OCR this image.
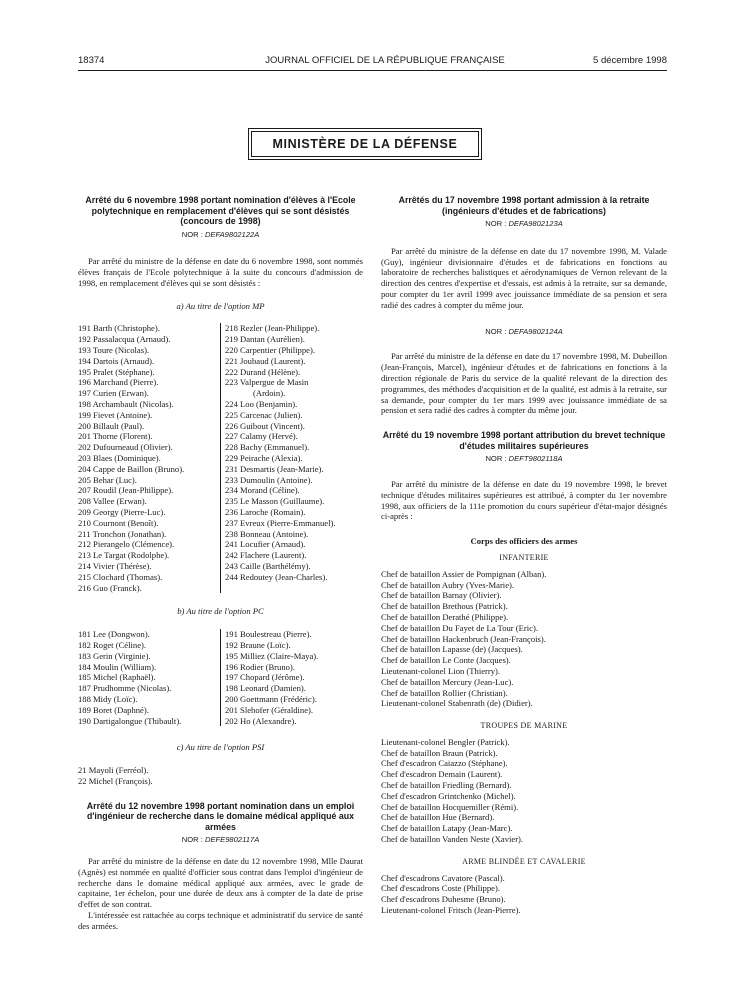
18374	JOURNAL OFFICIEL DE LA RÉPUBLIQUE FRANÇAISE	5 décembre 1998
MINISTÈRE DE LA DÉFENSE
Arrêté du 6 novembre 1998 portant nomination d'élèves à l'Ecole polytechnique en remplacement d'élèves qui se sont désistés (concours de 1998)
NOR : DEFA9802122A
Par arrêté du ministre de la défense en date du 6 novembre 1998, sont nommés élèves français de l'Ecole polytechnique à la suite du concours d'admission de 1998, en remplacement d'élèves qui se sont désistés :
a) Au titre de l'option MP
191 Barth (Christophe).
192 Passalacqua (Arnaud).
193 Toure (Nicolas).
194 Dartois (Arnaud).
195 Pralet (Stéphane).
196 Marchand (Pierre).
197 Curien (Erwan).
198 Archambault (Nicolas).
199 Fievet (Antoine).
200 Billault (Paul).
201 Thorne (Florent).
202 Dufourneaud (Olivier).
203 Blaes (Dominique).
204 Cappe de Baillon (Bruno).
205 Behar (Luc).
207 Roudil (Jean-Philippe).
208 Vallee (Erwan).
209 Georgy (Pierre-Luc).
210 Cournont (Benoît).
211 Tronchon (Jonathan).
212 Pierangelo (Clémence).
213 Le Targat (Rodolphe).
214 Vivier (Thérèse).
215 Clochard (Thomas).
216 Guo (Franck).
218 Rezler (Jean-Philippe).
219 Dantan (Aurélien).
220 Carpentier (Philippe).
221 Joubaud (Laurent).
222 Durand (Hélène).
223 Valpergue de Masin
(Ardoin).
224 Loo (Benjamin).
225 Carcenac (Julien).
226 Guibout (Vincent).
227 Calamy (Hervé).
228 Bachy (Emmanuel).
229 Peirache (Alexia).
231 Desmartis (Jean-Marie).
233 Dumoulin (Antoine).
234 Morand (Céline).
235 Le Masson (Guillaume).
236 Laroche (Romain).
237 Evreux (Pierre-Emmanuel).
238 Bonneau (Antoine).
241 Locufier (Arnaud).
242 Flachere (Laurent).
243 Caille (Barthélémy).
244 Redoutey (Jean-Charles).
b) Au titre de l'option PC
181 Lee (Dongwon).
182 Roget (Céline).
183 Gerin (Virginie).
184 Moulin (William).
185 Michel (Raphaël).
187 Prudhomme (Nicolas).
188 Midy (Loïc).
189 Boret (Daphné).
190 Dartigalongue (Thibault).
191 Boulestreau (Pierre).
192 Braune (Loïc).
195 Milliez (Claire-Maya).
196 Rodier (Bruno).
197 Chopard (Jérôme).
198 Leonard (Damien).
200 Goettmann (Frédéric).
201 Slehofer (Géraldine).
202 Ho (Alexandre).
c) Au titre de l'option PSI
21 Mayoli (Ferréol).
22 Michel (François).
Arrêté du 12 novembre 1998 portant nomination dans un emploi d'ingénieur de recherche dans le domaine médical appliqué aux armées
NOR : DEFE9802117A
Par arrêté du ministre de la défense en date du 12 novembre 1998, Mlle Daurat (Agnès) est nommée en qualité d'officier sous contrat dans l'emploi d'ingénieur de recherche dans le domaine médical appliqué aux armées, avec le grade de capitaine, 1er échelon, pour une durée de deux ans à compter de la date de prise d'effet de son contrat.
L'intéressée est rattachée au corps technique et administratif du service de santé des armées.
Arrêtés du 17 novembre 1998 portant admission à la retraite (ingénieurs d'études et de fabrications)
NOR : DEFA9802123A
Par arrêté du ministre de la défense en date du 17 novembre 1998, M. Valade (Guy), ingénieur divisionnaire d'études et de fabrications en fonctions au laboratoire de recherches balistiques et aérodynamiques de Vernon relevant de la direction des centres d'expertise et d'essais, est admis à la retraite, sur sa demande, pour compter du 1er avril 1999 avec jouissance immédiate de sa pension et sera radié des cadres à compter du même jour.
NOR : DEFA9802124A
Par arrêté du ministre de la défense en date du 17 novembre 1998, M. Dubeillon (Jean-François, Marcel), ingénieur d'études et de fabrications en fonctions à la direction régionale de Paris du service de la qualité relevant de la direction des programmes, des méthodes d'acquisition et de la qualité, est admis à la retraite, sur sa demande, pour compter du 1er mars 1999 avec jouissance immédiate de sa pension et sera radié des cadres à compter du même jour.
Arrêté du 19 novembre 1998 portant attribution du brevet technique d'études militaires supérieures
NOR : DEFT9802118A
Par arrêté du ministre de la défense en date du 19 novembre 1998, le brevet technique d'études militaires supérieures est attribué, à compter du 1er novembre 1998, aux officiers de la 111e promotion du cours supérieur d'état-major désignés ci-après :
Corps des officiers des armes
INFANTERIE
Chef de bataillon Assier de Pompignan (Alban).
Chef de bataillon Aubry (Yves-Marie).
Chef de bataillon Barnay (Olivier).
Chef de bataillon Brethous (Patrick).
Chef de bataillon Derathé (Philippe).
Chef de bataillon Du Fayet de La Tour (Eric).
Chef de bataillon Hackenbruch (Jean-François).
Chef de bataillon Lapasse (de) (Jacques).
Chef de bataillon Le Conte (Jacques).
Lieutenant-colonel Lion (Thierry).
Chef de bataillon Mercury (Jean-Luc).
Chef de bataillon Rollier (Christian).
Lieutenant-colonel Stabenrath (de) (Didier).
TROUPES DE MARINE
Lieutenant-colonel Bengler (Patrick).
Chef de bataillon Braun (Patrick).
Chef d'escadron Caiazzo (Stéphane).
Chef d'escadron Demain (Laurent).
Chef de bataillon Friedling (Bernard).
Chef d'escadron Grintchenko (Michel).
Chef de bataillon Hocquemiller (Rémi).
Chef de bataillon Hue (Bernard).
Chef de bataillon Latapy (Jean-Marc).
Chef de bataillon Vanden Neste (Xavier).
ARME BLINDÉE ET CAVALERIE
Chef d'escadrons Cavatore (Pascal).
Chef d'escadrons Coste (Philippe).
Chef d'escadrons Duhesme (Bruno).
Lieutenant-colonel Fritsch (Jean-Pierre).
